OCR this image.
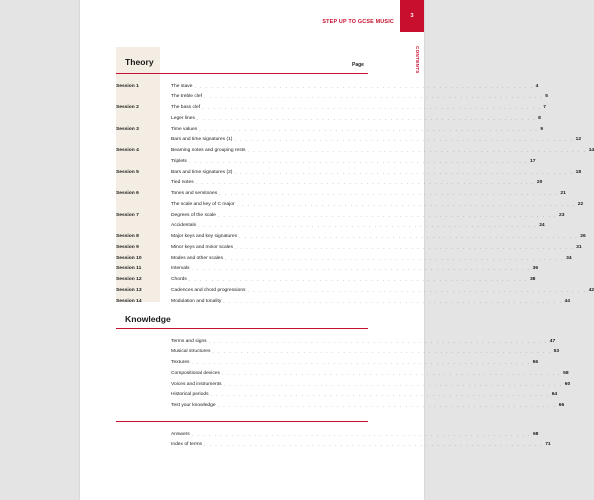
STEP UP TO GCSE MUSIC
3
CONTENTS
Theory	Page
Session 1	The stave . . . . . . . . . . . . . . . . . . . . . . . . . . . . . . . . . . . . . . . . . . . . . . . . . . . . . . . . . . . . 4
The treble clef . . . . . . . . . . . . . . . . . . . . . . . . . . . . . . . . . . . . . . . . . . . . . . . . . . . . . . . . . . . . 5
Session 2	The bass clef . . . . . . . . . . . . . . . . . . . . . . . . . . . . . . . . . . . . . . . . . . . . . . . . . . . . . . . . . . . . 7
Leger lines . . . . . . . . . . . . . . . . . . . . . . . . . . . . . . . . . . . . . . . . . . . . . . . . . . . . . . . . . . . . 8
Session 3	Time values . . . . . . . . . . . . . . . . . . . . . . . . . . . . . . . . . . . . . . . . . . . . . . . . . . . . . . . . . . . . 9
Bars and time signatures (1) . . . . . . . . . . . . . . . . . . . . . . . . . . . . . . . . . . . . . . . . . . . . . . . . . . . . . . . . . . . . 12
Session 4	Beaming notes and grouping rests . . . . . . . . . . . . . . . . . . . . . . . . . . . . . . . . . . . . . . . . . . . . . . . . . . . . . . . . . . . . 14
Triplets . . . . . . . . . . . . . . . . . . . . . . . . . . . . . . . . . . . . . . . . . . . . . . . . . . . . . . . . . . . . 17
Session 5	Bars and time signatures (2) . . . . . . . . . . . . . . . . . . . . . . . . . . . . . . . . . . . . . . . . . . . . . . . . . . . . . . . . . . . . 18
Tied notes . . . . . . . . . . . . . . . . . . . . . . . . . . . . . . . . . . . . . . . . . . . . . . . . . . . . . . . . . . . . 20
Session 6	Tones and semitones . . . . . . . . . . . . . . . . . . . . . . . . . . . . . . . . . . . . . . . . . . . . . . . . . . . . . . . . . . . . 21
The scale and key of C major . . . . . . . . . . . . . . . . . . . . . . . . . . . . . . . . . . . . . . . . . . . . . . . . . . . . . . . . . . . . 22
Session 7	Degrees of the scale . . . . . . . . . . . . . . . . . . . . . . . . . . . . . . . . . . . . . . . . . . . . . . . . . . . . . . . . . . . . 23
Accidentals . . . . . . . . . . . . . . . . . . . . . . . . . . . . . . . . . . . . . . . . . . . . . . . . . . . . . . . . . . . . 24
Session 8	Major keys and key signatures . . . . . . . . . . . . . . . . . . . . . . . . . . . . . . . . . . . . . . . . . . . . . . . . . . . . . . . . . . . . 26
Session 9	Minor keys and minor scales . . . . . . . . . . . . . . . . . . . . . . . . . . . . . . . . . . . . . . . . . . . . . . . . . . . . . . . . . . . . 31
Session 10	Modes and other scales . . . . . . . . . . . . . . . . . . . . . . . . . . . . . . . . . . . . . . . . . . . . . . . . . . . . . . . . . . . . 34
Session 11	Intervals . . . . . . . . . . . . . . . . . . . . . . . . . . . . . . . . . . . . . . . . . . . . . . . . . . . . . . . . . . . . 36
Session 12	Chords . . . . . . . . . . . . . . . . . . . . . . . . . . . . . . . . . . . . . . . . . . . . . . . . . . . . . . . . . . . . 38
Session 13	Cadences and chord progressions . . . . . . . . . . . . . . . . . . . . . . . . . . . . . . . . . . . . . . . . . . . . . . . . . . . . . . . . . . . . 42
Session 14	Modulation and tonality . . . . . . . . . . . . . . . . . . . . . . . . . . . . . . . . . . . . . . . . . . . . . . . . . . . . . . . . . . . . 44
Knowledge
Terms and signs . . . . . . . . . . . . . . . . . . . . . . . . . . . . . . . . . . . . . . . . . . . . . . . . . . . . . . . . . . . . 47
Musical structures . . . . . . . . . . . . . . . . . . . . . . . . . . . . . . . . . . . . . . . . . . . . . . . . . . . . . . . . . . . . 53
Textures . . . . . . . . . . . . . . . . . . . . . . . . . . . . . . . . . . . . . . . . . . . . . . . . . . . . . . . . . . . . 56
Compositional devices . . . . . . . . . . . . . . . . . . . . . . . . . . . . . . . . . . . . . . . . . . . . . . . . . . . . . . . . . . . . 58
Voices and instruments . . . . . . . . . . . . . . . . . . . . . . . . . . . . . . . . . . . . . . . . . . . . . . . . . . . . . . . . . . . . 60
Historical periods . . . . . . . . . . . . . . . . . . . . . . . . . . . . . . . . . . . . . . . . . . . . . . . . . . . . . . . . . . . . 64
Test your knowledge . . . . . . . . . . . . . . . . . . . . . . . . . . . . . . . . . . . . . . . . . . . . . . . . . . . . . . . . . . . . 66
Answers . . . . . . . . . . . . . . . . . . . . . . . . . . . . . . . . . . . . . . . . . . . . . . . . . . . . . . . . . . . . 68
Index of terms . . . . . . . . . . . . . . . . . . . . . . . . . . . . . . . . . . . . . . . . . . . . . . . . . . . . . . . . . . . . 71
